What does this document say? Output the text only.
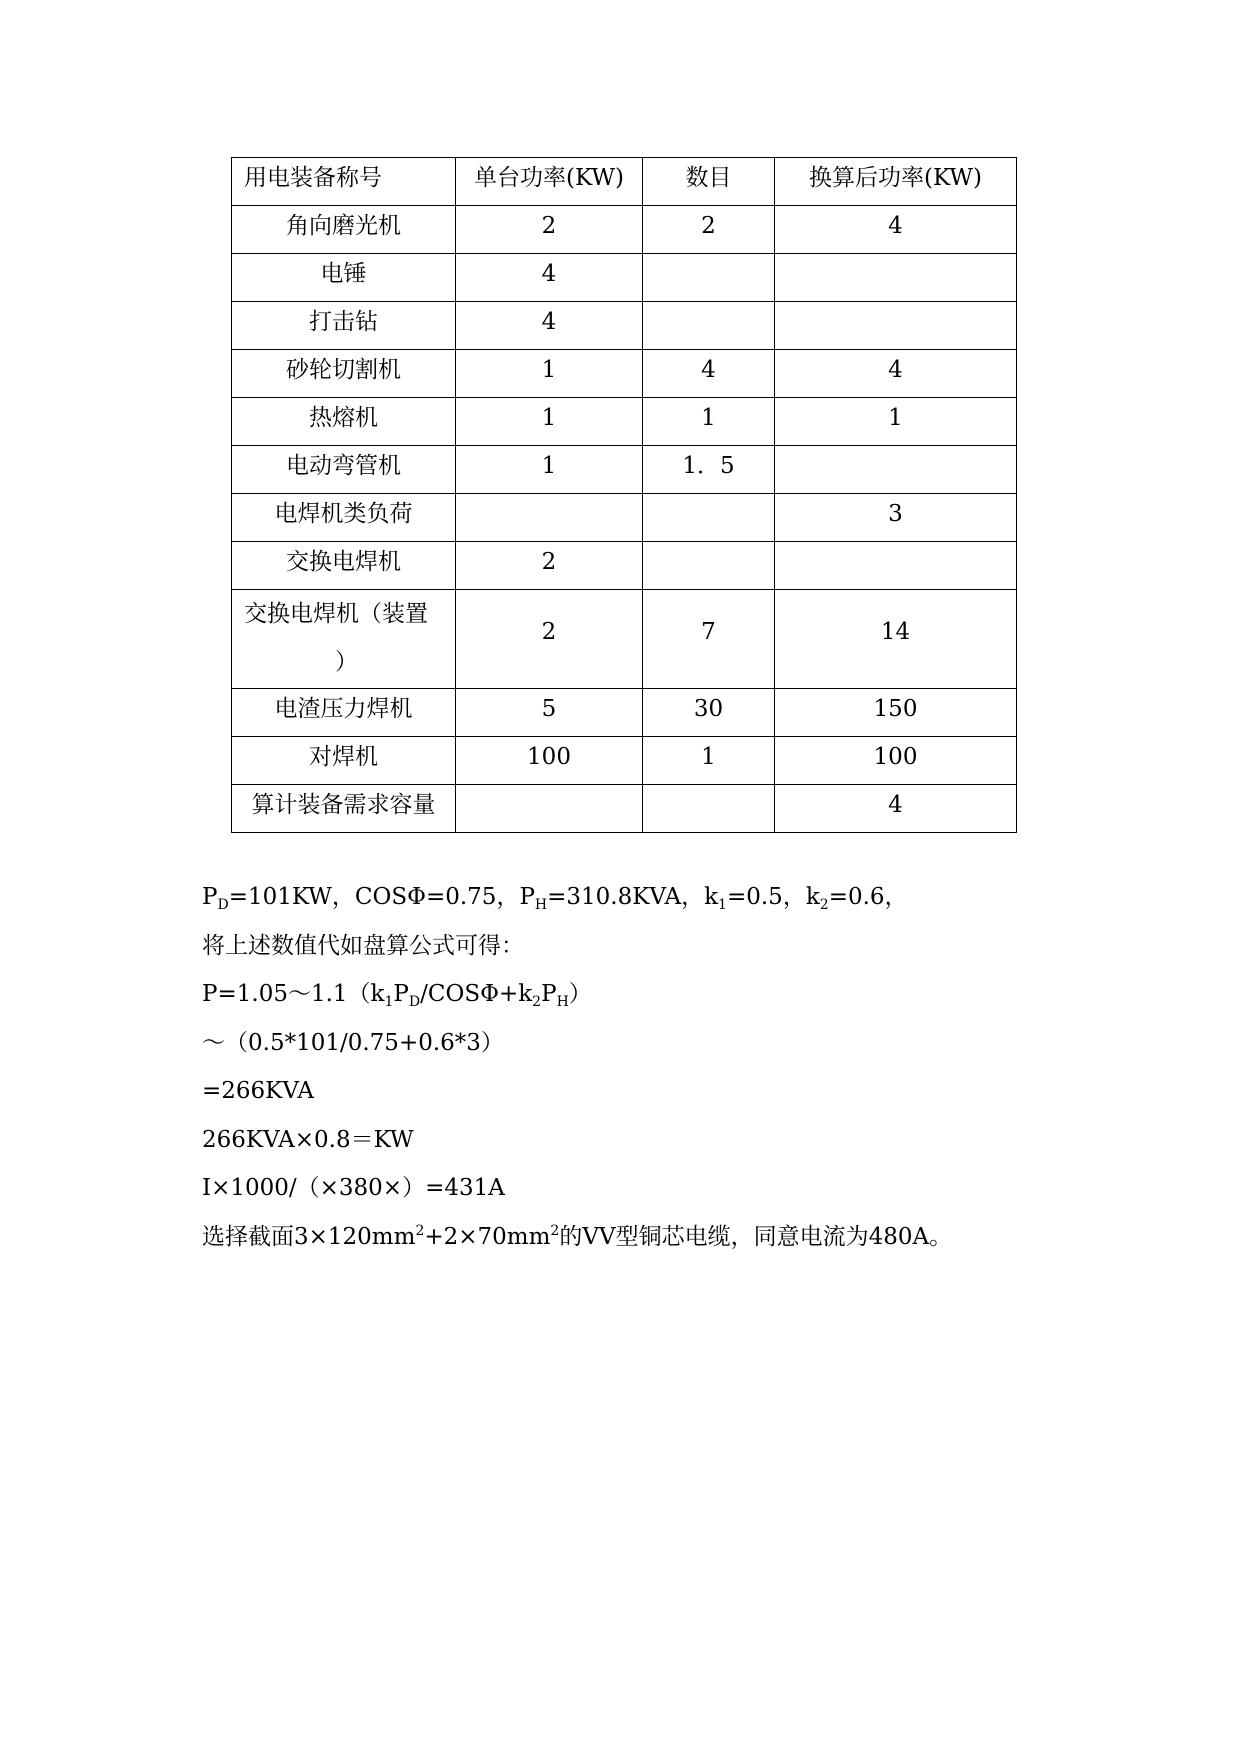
用电装备称号	单台功率(KW)	数目	换算后功率(KW)
角向磨光机	2	2	4
电锤	4		
打击钻	4		
砂轮切割机	1	4	4
热熔机	1	1	1
电动弯管机	1	1．5	
电焊机类负荷			3
交换电焊机	2		

交换电焊机（装置
）	2	7	14
电渣压力焊机	5	30	150
对焊机	100	1	100
算计装备需求容量			4
$P_D=101KW$，COSΦ=0.75，$P_H=310.8KVA$，$k_1=0.5$，$k_2=0.6$，
将上述数值代如盘算公式可得：
$P=1.05\sim 1.1(k_1P_D/COS\Phi+k_2P_H)$
～（0.5*101/0.75+0.6*3）
=266KVA
266KVA×0.8＝KW
I×1000/（×380×）=431A
选择截面$3\times 120mm^2+2\times 70mm^2$的VV型铜芯电缆，同意电流为480A。
